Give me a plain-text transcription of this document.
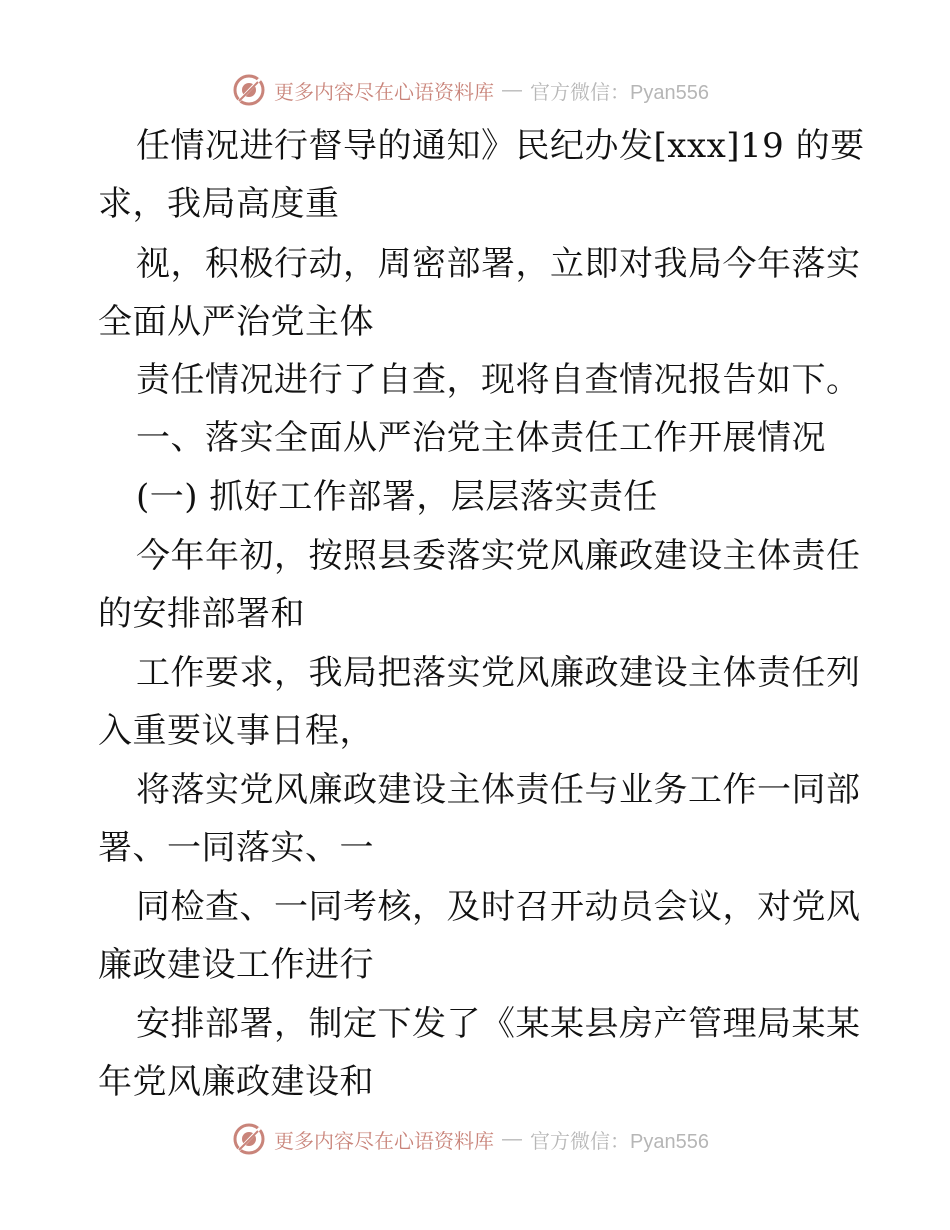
更多内容尽在心语资料库 — 官方微信：Pyan556
任情况进行督导的通知》民纪办发[xxx]19 的要
求，我局高度重
视，积极行动，周密部署，立即对我局今年落实
全面从严治党主体
责任情况进行了自查，现将自查情况报告如下。
一、落实全面从严治党主体责任工作开展情况
(一) 抓好工作部署，层层落实责任
今年年初，按照县委落实党风廉政建设主体责任
的安排部署和
工作要求，我局把落实党风廉政建设主体责任列
入重要议事日程，
将落实党风廉政建设主体责任与业务工作一同部
署、一同落实、一
同检查、一同考核，及时召开动员会议，对党风
廉政建设工作进行
安排部署，制定下发了《某某县房产管理局某某
年党风廉政建设和
更多内容尽在心语资料库 — 官方微信：Pyan556
